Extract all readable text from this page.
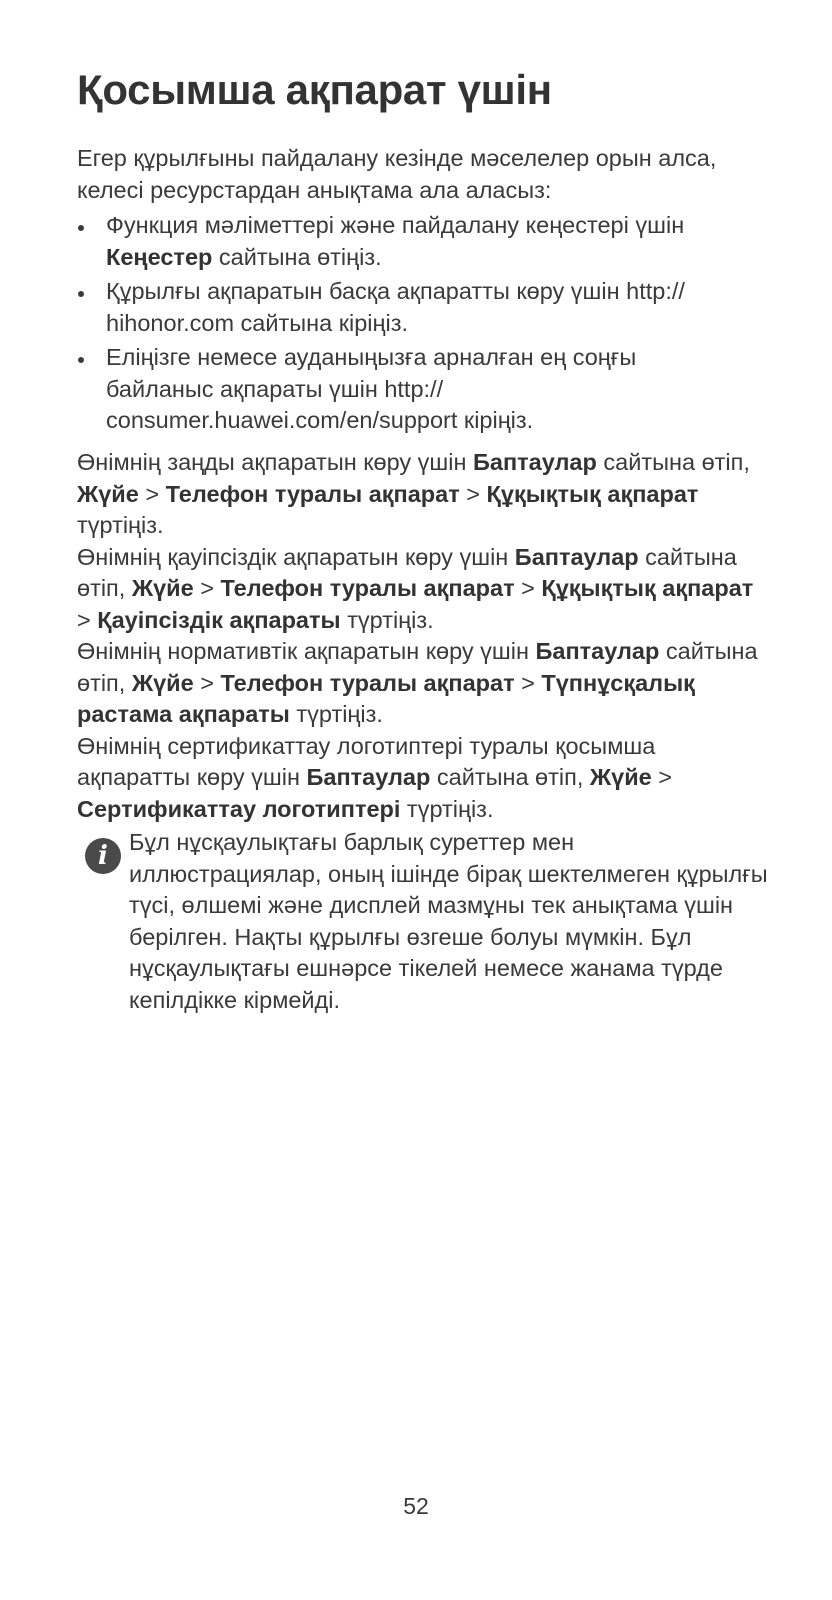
Қосымша ақпарат үшін

Егер құрылғыны пайдалану кезінде мәселелер орын алса, келесі ресурстардан анықтама ала аласыз:

Функция мәліметтері және пайдалану кеңестері үшін Кеңестер сайтына өтіңіз.
Құрылғы ақпаратын басқа ақпаратты көру үшін http:// hihonor.com сайтына кіріңіз.
Еліңізге немесе ауданыңызға арналған ең соңғы
байланыс ақпараты үшін http://
consumer.huawei.com/en/support кіріңіз.

Өнімнің заңды ақпаратын көру үшін Баптаулар сайтына өтіп, Жүйе > Телефон туралы ақпарат > Құқықтық ақпарат түртіңіз.

Өнімнің қауіпсіздік ақпаратын көру үшін Баптаулар сайтына өтіп, Жүйе > Телефон туралы ақпарат > Құқықтық ақпарат > Қауіпсіздік ақпараты түртіңіз.

Өнімнің нормативтік ақпаратын көру үшін Баптаулар сайтына өтіп, Жүйе > Телефон туралы ақпарат > Түпнұсқалық растама ақпараты түртіңіз.

Өнімнің сертификаттау логотиптері туралы қосымша ақпаратты көру үшін Баптаулар сайтына өтіп, Жүйе > Сертификаттау логотиптері түртіңіз.

i Бұл нұсқаулықтағы барлық суреттер мен иллюстрациялар, оның ішінде бірақ шектелмеген құрылғы түсі, өлшемі және дисплей мазмұны тек анықтама үшін берілген. Нақты құрылғы өзгеше болуы мүмкін. Бұл нұсқаулықтағы ешнәрсе тікелей немесе жанама түрде кепілдікке кірмейді.

52
